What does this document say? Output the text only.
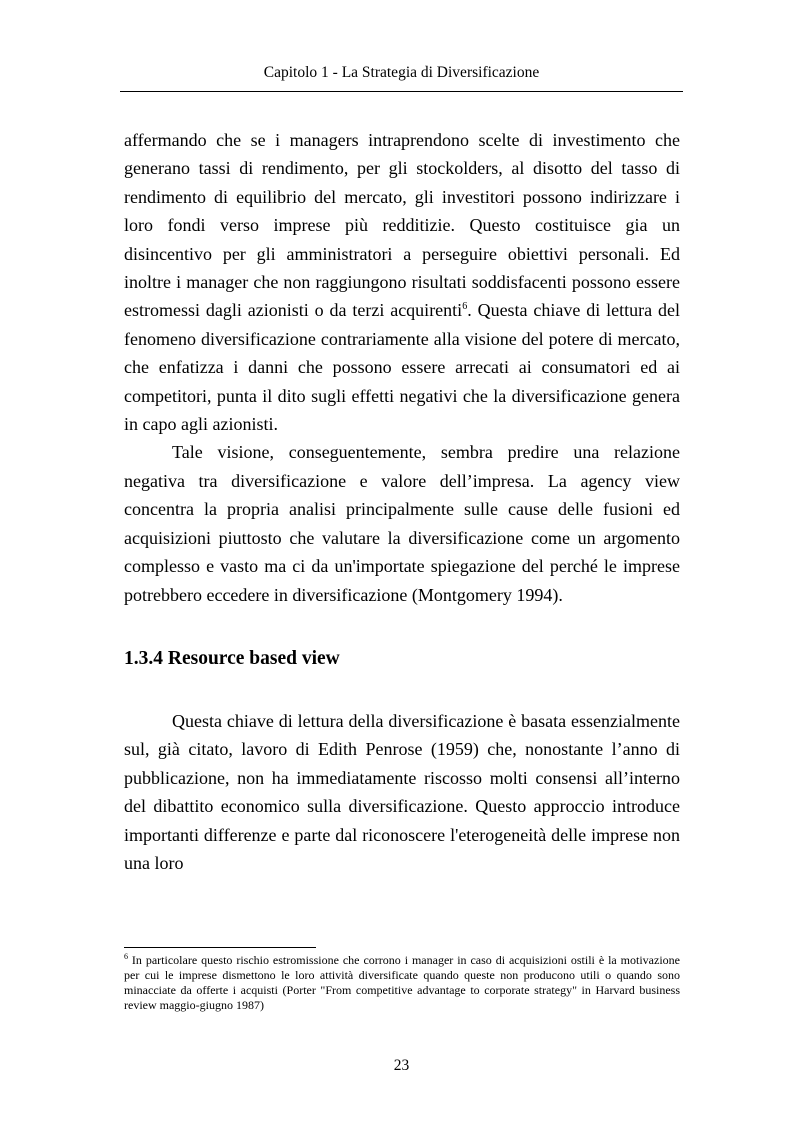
Capitolo 1 - La Strategia di Diversificazione

affermando che se i managers intraprendono scelte di investimento che generano tassi di rendimento, per gli stockolders, al disotto del tasso di rendimento di equilibrio del mercato, gli investitori possono indirizzare i loro fondi verso imprese più redditizie. Questo costituisce gia un disincentivo per gli amministratori a perseguire obiettivi personali. Ed inoltre i manager che non raggiungono risultati soddisfacenti possono essere estromessi dagli azionisti o da terzi acquirenti$^6$. Questa chiave di lettura del fenomeno diversificazione contrariamente alla visione del potere di mercato, che enfatizza i danni che possono essere arrecati ai consumatori ed ai competitori, punta il dito sugli effetti negativi che la diversificazione genera in capo agli azionisti.

Tale visione, conseguentemente, sembra predire una relazione negativa tra diversificazione e valore dell’impresa. La agency view concentra la propria analisi principalmente sulle cause delle fusioni ed acquisizioni piuttosto che valutare la diversificazione come un argomento complesso e vasto ma ci da un'importate spiegazione del perché le imprese potrebbero eccedere in diversificazione (Montgomery 1994).

1.3.4 Resource based view

Questa chiave di lettura della diversificazione è basata essenzialmente sul, già citato, lavoro di Edith Penrose (1959) che, nonostante l’anno di pubblicazione, non ha immediatamente riscosso molti consensi all’interno del dibattito economico sulla diversificazione. Questo approccio introduce importanti differenze e parte dal riconoscere l'eterogeneità delle imprese non una loro

$^6$ In particolare questo rischio estromissione che corrono i manager in caso di acquisizioni ostili è la motivazione per cui le imprese dismettono le loro attività diversificate quando queste non producono utili o quando sono minacciate da offerte i acquisti (Porter "From competitive advantage to corporate strategy" in Harvard business review maggio-giugno 1987)
23
